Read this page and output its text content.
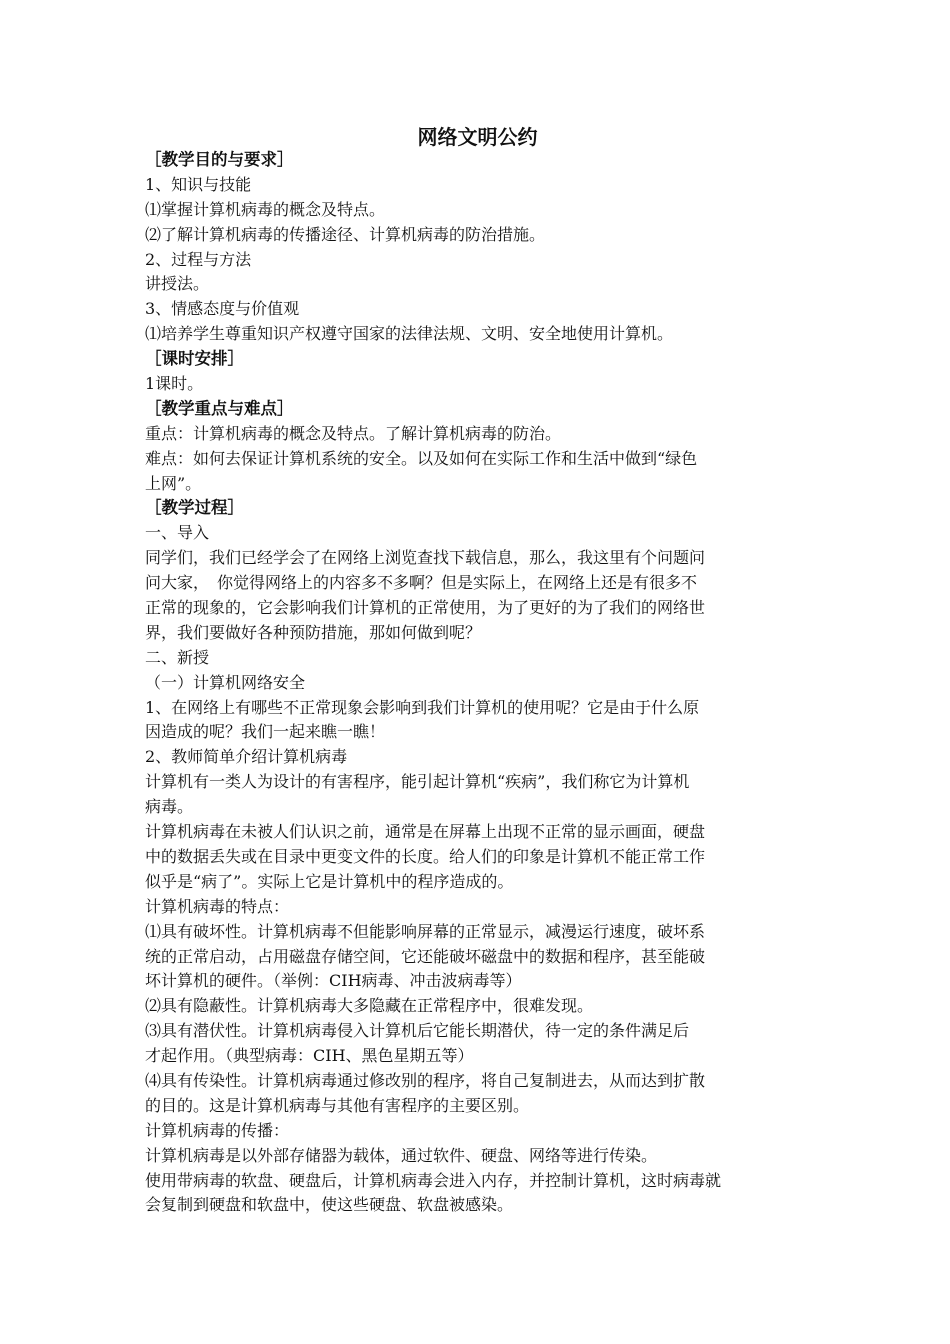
网络文明公约
［教学目的与要求］
1、知识与技能
⑴掌握计算机病毒的概念及特点。
⑵了解计算机病毒的传播途径、计算机病毒的防治措施。
2、过程与方法
讲授法。
3、情感态度与价值观
⑴培养学生尊重知识产权遵守国家的法律法规、文明、安全地使用计算机。
［课时安排］
1课时。
［教学重点与难点］
重点：计算机病毒的概念及特点。了解计算机病毒的防治。
难点：如何去保证计算机系统的安全。以及如何在实际工作和生活中做到“绿色
上网”。
［教学过程］
一、导入
同学们，我们已经学会了在网络上浏览查找下载信息，那么，我这里有个问题问
问大家，　你觉得网络上的内容多不多啊？但是实际上，在网络上还是有很多不
正常的现象的，它会影响我们计算机的正常使用，为了更好的为了我们的网络世
界，我们要做好各种预防措施，那如何做到呢？
二、新授
（一）计算机网络安全
1、在网络上有哪些不正常现象会影响到我们计算机的使用呢？它是由于什么原
因造成的呢？我们一起来瞧一瞧！
2、教师简单介绍计算机病毒
计算机有一类人为设计的有害程序，能引起计算机“疾病”，我们称它为计算机
病毒。
计算机病毒在未被人们认识之前，通常是在屏幕上出现不正常的显示画面，硬盘
中的数据丢失或在目录中更变文件的长度。给人们的印象是计算机不能正常工作
似乎是“病了”。实际上它是计算机中的程序造成的。
计算机病毒的特点：
⑴具有破坏性。计算机病毒不但能影响屏幕的正常显示，减漫运行速度，破坏系
统的正常启动，占用磁盘存储空间，它还能破坏磁盘中的数据和程序，甚至能破
坏计算机的硬件。（举例：CIH病毒、冲击波病毒等）
⑵具有隐蔽性。计算机病毒大多隐藏在正常程序中，很难发现。
⑶具有潜伏性。计算机病毒侵入计算机后它能长期潜伏，待一定的条件满足后
才起作用。（典型病毒：CIH、黑色星期五等）
⑷具有传染性。计算机病毒通过修改别的程序，将自己复制进去，从而达到扩散
的目的。这是计算机病毒与其他有害程序的主要区别。
计算机病毒的传播：
计算机病毒是以外部存储器为载体，通过软件、硬盘、网络等进行传染。
使用带病毒的软盘、硬盘后，计算机病毒会进入内存，并控制计算机，这时病毒就
会复制到硬盘和软盘中，使这些硬盘、软盘被感染。
